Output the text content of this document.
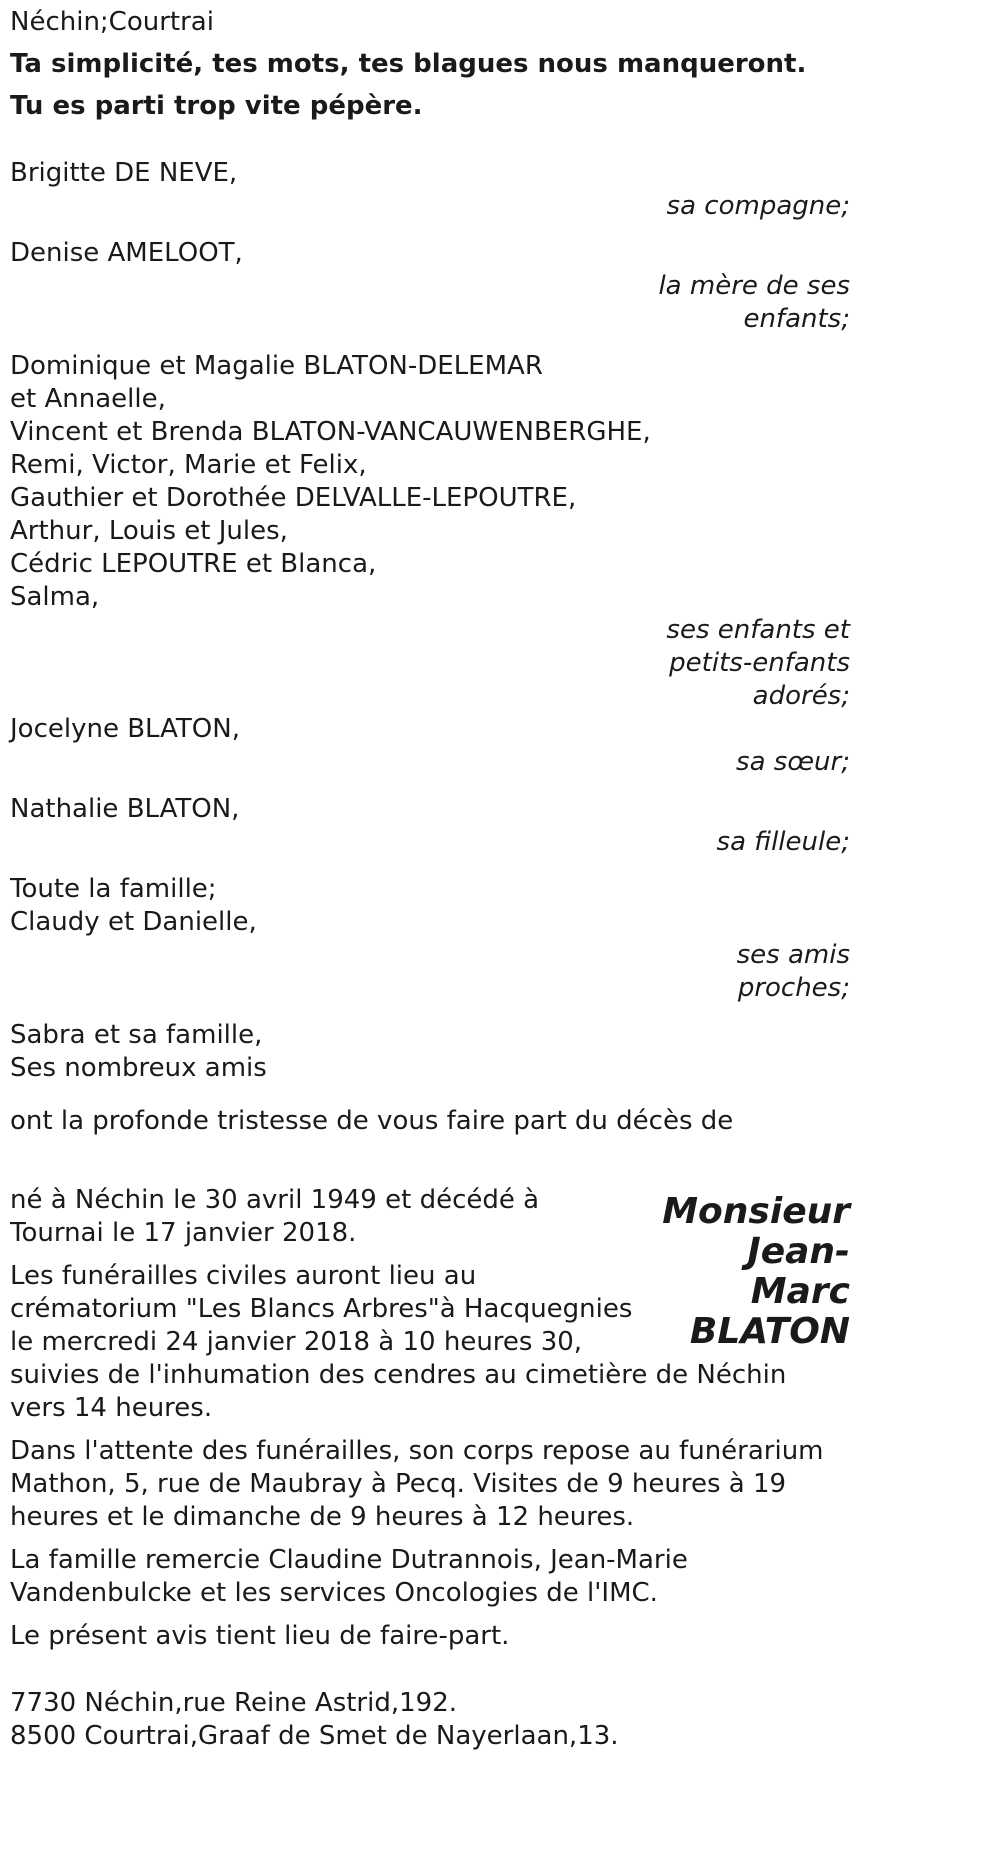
Néchin;Courtrai

Ta simplicité, tes mots, tes blagues nous manqueront.

Tu es parti trop vite pépère.

Brigitte DE NEVE,

sa compagne;

Denise AMELOOT,

la mère de ses

enfants;

Dominique et Magalie BLATON-DELEMAR

et Annaelle,

Vincent et Brenda BLATON-VANCAUWENBERGHE,

Remi, Victor, Marie et Felix,

Gauthier et Dorothée DELVALLE-LEPOUTRE,

Arthur, Louis et Jules,

Cédric LEPOUTRE et Blanca,

Salma,

ses enfants et

petits-enfants

adorés;

Jocelyne BLATON,

sa sœur;

Nathalie BLATON,

sa filleule;

Toute la famille;

Claudy et Danielle,

ses amis proches;

Sabra et sa famille,

Ses nombreux amis

ont la profonde tristesse de vous faire part du décès de

Monsieur
Jean-Marc
BLATON

né à Néchin le 30 avril 1949 et décédé à Tournai le 17 janvier 2018.

Les funérailles civiles auront lieu au crématorium "Les Blancs Arbres"à Hacquegnies le mercredi 24 janvier 2018 à 10 heures 30, suivies de l'inhumation des cendres au cimetière de Néchin vers 14 heures.

Dans l'attente des funérailles, son corps repose au funérarium Mathon, 5, rue de Maubray à Pecq. Visites de 9 heures à 19 heures et le dimanche de 9 heures à 12 heures.

La famille remercie Claudine Dutrannois, Jean-Marie Vandenbulcke et les services Oncologies de l'IMC.

Le présent avis tient lieu de faire-part.

7730 Néchin,rue Reine Astrid,192.

8500 Courtrai,Graaf de Smet de Nayerlaan,13.
